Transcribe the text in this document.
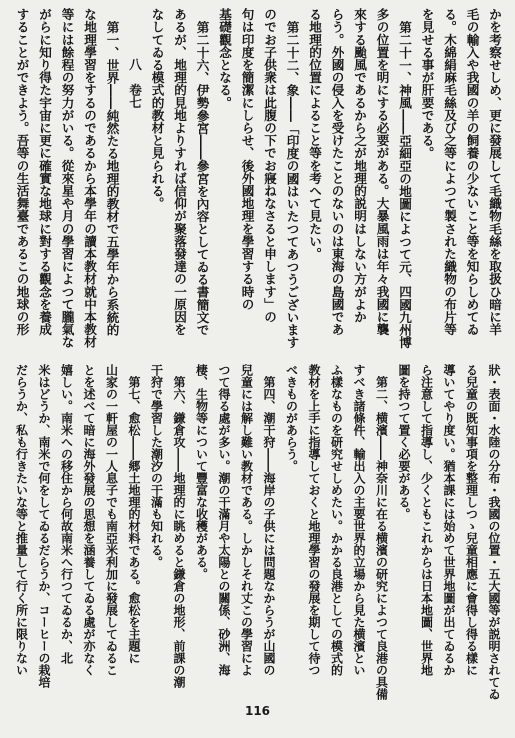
かを考察せしめ、更に發展して毛織物毛絲を取扱ひ暗に羊
毛の輸入や我國の羊の飼養の少ないこと等を知らしめてゐ
る。木綿絹麻毛絲及び之等によつて製された織物の布片等
を見せる事が肝要である。
第二十一、神風――亞細亞の地圖によつて元、四國九州博
多の位置を明にする必要がある。大暴風雨は年々我國に襲
來する颱風であるから之が地理的説明はしない方がよか
らう。外國の侵入を受けたことのないのは東海の島國であ
る地理的位置によること等を考へて見たい。
第二十二、象――「印度の國はいたつてあつうございます
のでお子供衆は此腹の下でお寢ねなさると申します」の
句は印度を簡潔にしらせ、後外國地理を學習する時の
基礎觀念となる。
第二十六、伊勢參宮――參宮を內容としてゐる書簡文で
あるが、地理的見地よりすれば信仰が聚落發達の一原因を
なしてゐる模式的教材と見られる。
八　卷七
第一、世界――純然たる地理的教材で五學年から系統的
な地理學習をするのであるから本學年の讀本教材就中本教材
等には餘程の努力がいる。從來星や月の學習によつて朧氣な
がらに知り得た宇宙に更に確實な地球に對する觀念を養成
することができよう。吾等の生活舞臺であるこの地球の形
狀・表面・水陸の分布・我國の位置・五大國等が説明されてゐ
る兒童の既知事項を整理しつゝ兒童相應に會得し得る樣に
導いてやり度い。猶本課には始めて世界地圖が出てゐるか
ら注意して指導し、少くともこれからは日本地圖、世界地
圖を持つて置く必要がある。
第二、横濱――神奈川に在る横濱の研究によつて良港の具備
すべき諸條件、輸出入の主要世界的立場から見た横濱とい
ふ樣なものを研究せしめたい。かかる良港としての模式的
教材を上手に指導しておくと地理學習の發展を期して待つ
べきものがあらう。
第四、潮干狩――海岸の子供には問題なからうが山國の
兒童には解し難い教材である。しかしそれ丈この學習によ
つて得る處が多い。潮の干滿月や太陽との關係、砂洲、海
棲、生物等について豐富な收穫がある。
第六、鎌倉攻――地理的に眺めると鎌倉の地形、前課の潮
干狩で學習した潮汐の干滿も知れる。
第七、愈松――郷土地理的材料である。愈松を主題に
山家の一軒屋の一人息子でも南亞米利加に發展してゐるこ
とを述べて暗に海外發展の思想を涵養してゐる處が亦なく
嬉しい。南米への移住から何故南米へ行つてゐるか、北
米はどうか、南米で何をしてゐるだらうか、コーヒーの栽培
だらうか、私も行きたいな等と推量して行く所に限りない
116
